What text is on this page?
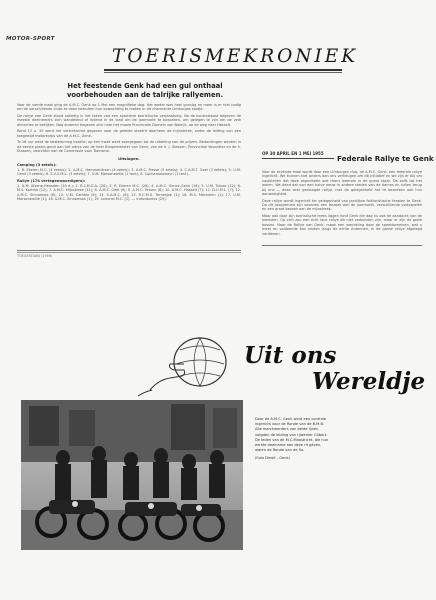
MOTOR-SPORT
TOERISMEKRONIEK
Het feestende Genk had een gul onthaal voorbehouden aan de talrijke rallyemen.

Voor de vierde maal ging de A.M.C. Genk op 1 Mei een magnifieke dag. Het weder was heel gunstig en meer is er niet nodig om de verschillende clubs te doen besluiten hun opwachting te maken in dit charmante Limburgse stadje.

De rallye van Genk stond volledig in het teken van een sportieve toeristische verplaatsing. Na de kontrolepost begeven de meeste deelnemers zich wandelend of rijdend in de stad om de jaarmarkt te bezoeken, om gelegen te zijn om de vele attracties te bekijken. Nog anderen begeven zich naar het mooie Provinciale Domein van Bokrijk, op de weg naar Hasselt.

Rond 12 u. 30 werd het vertrekschot gegeven voor de geleide stoetrit doorheen de mijnstreek, onder de leiding van een toegewijd motorkorps van de A.M.C. Genk.

Te 16 uur werd de bestemming bereikt; op een kwak werd overgegaan tot de uitdeling van de prijzen. Bedankingen werden in de eerste plaats geuit aan het adres van de heer Burgemeester van Genk, van de h. J. Stassen, Provinciaal Voorzitter en de h. Stassen, voorzitter van de Commissie voor Toerisme.

Uitslagen.
Camping (3 zetels):

1. R. Ekeren M.C. (4 zetels); 2. A.M.C. Hemmeniksen (4 zetels); 3. A.M.C. Fiesse (3 zetels); 4. C.A.M.T. Geel (3 zetels); 5. U.M. Genk (3 zetels); 6. S.V.U.M.L. (3 zetels); 7. U.M. Marsenewille (1 tent); 8. Cochamoloweyn (1 tent).

Rallye (174 vertegenwoordigers):

1. U.M. Alsene-Heusden (39 d.); 2. R.L.M.G.A. (26); 3. R. Ekeren M.C. (26); 4. A.M.C. Genck-Genk (16); 5. U.M. Tubize (12); 6. M.S. Kortrijk (12); 7. A.M.C. Mijnstreek (11); 8. A.M.C. Geel (9); 9. A.M.C. Tessen (8); 10. A.M.C. Hasselt (7); 11. D.U.M.L. (7); 12. A.M.C. Sinnamoia (6); 13. U.M. Camblo (6); 14. S.A.M.C. (6); 15. R.C.M.U. Ternesjoe (1); 16. M.S. Mechelen (1); 17. U.M. Marsenewille (1); 18. A.M.C. Sinnamoia (1); 19. Lommel M.C. (1). — Individueles (29).

TOEGESTAAN (1956)
OP 30 APRIL EN 1 MEI 1955
Federale Rallye te Genk

Voor de zevende maal wordt door een Limburgse club, de A.M.C. Genk, een federale rallye ingericht. We kunnen niet anders dan ons verheugen om dit initiatief en we zijn er blij om vaststellen dat deze organisatie ook thans weerom in de gunst staat. De zelfs tot het waren. We deed dat van een halve eeuw in andere steden van de dames en zullen terug bij ons — deze zeer geslaagde rallye, met de gelegenheid het te bezoeken ook hun aanwezigheid.

Deze rallye wordt ingericht ter gelegenheid van jaarlijkse folkloristische feesten te Genk. Op dit programma zijn voorzien een bezoek aan de jaarmarkt, verschillende volksspelen en een groot bezoek aan de mijnstreek.

Maar ook door zijn toeristische reeks liggen rond Genk die dag nu ook de aandacht van de toeristen. Op zich zou een echt leuk rallye dit niet verbonden zijn, maar er zijn de grote bossen. Naar de Rallye van Genk, maak een wandeling door de speeldomeinen, wat u meer en voldoende kan vinden langs de echte Ardennen, in de ganse rallye afgelegd verdienen.

Uit ons
Wereldje
Door de A.M.C. Genk werd een controle ingericht voor de Ronde van de B.M.B. Alle marchwerders van beide lijnen volgden de leiding van rijwerker Gilbert. De leden van de M.C.Maastricht, die hun eerste deelname aan deze rit gaven, waren de Ronde van de Sa.
(Foto Dewit - Genk)
